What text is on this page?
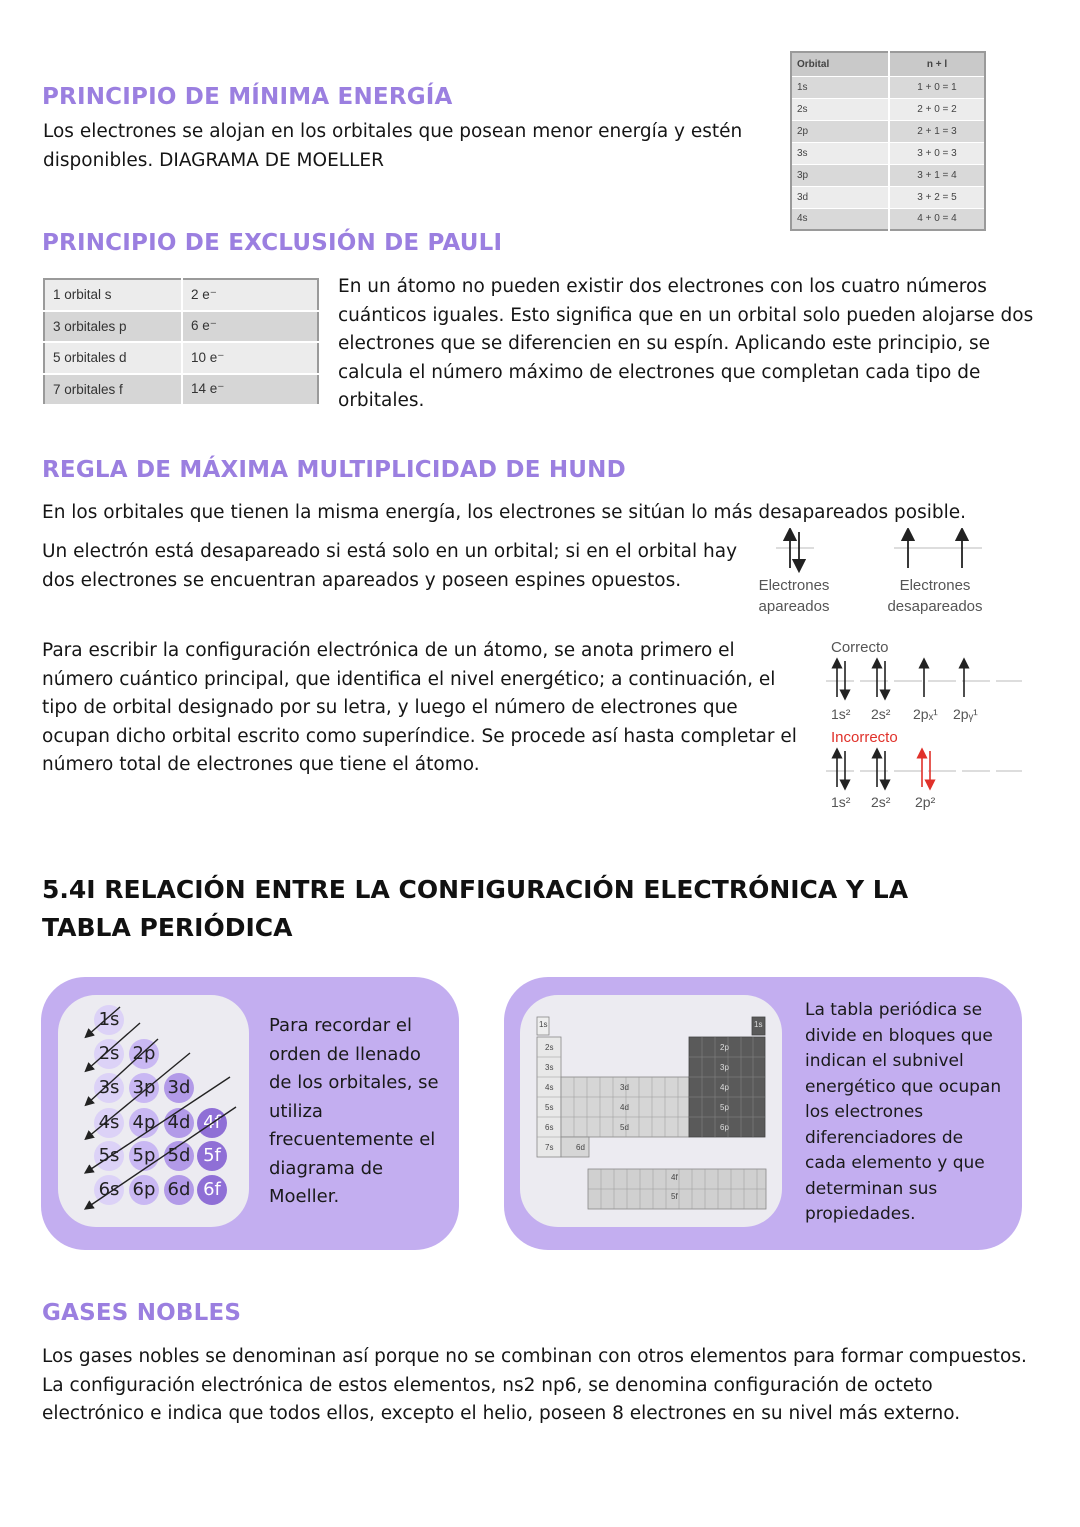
PRINCIPIO DE MÍNIMA ENERGÍA

Los electrones se alojan en los orbitales que posean menor energía y estén disponibles. DIAGRAMA DE MOELLER

Orbital	n + l
1s	1 + 0 = 1
2s	2 + 0 = 2
2p	2 + 1 = 3
3s	3 + 0 = 3
3p	3 + 1 = 4
3d	3 + 2 = 5
4s	4 + 0 = 4
PRINCIPIO DE EXCLUSIÓN DE PAULI
1 orbital s	2 e⁻
3 orbitales p	6 e⁻
5 orbitales d	10 e⁻
7 orbitales f	14 e⁻

En un átomo no pueden existir dos electrones con los cuatro números cuánticos iguales. Esto significa que en un orbital solo pueden alojarse dos electrones que se diferencien en su espín. Aplicando este principio, se calcula el número máximo de electrones que completan cada tipo de orbitales.

REGLA DE MÁXIMA MULTIPLICIDAD DE HUND

En los orbitales que tienen la misma energía, los electrones se sitúan lo más desapareados posible.

Un electrón está desapareado si está solo en un orbital; si en el orbital hay dos electrones se encuentran apareados y poseen espines opuestos.	Electrones apareados
Electrones desapareados

Para escribir la configuración electrónica de un átomo, se anota primero el número cuántico principal, que identifica el nivel energético; a continuación, el tipo de orbital designado por su letra, y luego el número de electrones que ocupan dicho orbital escrito como superíndice. Se procede así hasta completar el número total de electrones que tiene el átomo.

Correcto
1s² 2s² 2pₓ¹ 2pᵧ¹
Incorrecto
1s² 2s² 2p²
5.4I RELACIÓN ENTRE LA CONFIGURACIÓN ELECTRÓNICA Y LA TABLA PERIÓDICA
1s
2s 2p
3s 3p 3d
4s 4p 4d 4f
5s 5p 5d 5f
6s 6p 6d 6f

Para recordar el orden de llenado de los orbitales, se utiliza frecuentemente el diagrama de Moeller.

1s	1s
2s
3s
4s
5s
6s
7s
2p
3p
4p
5p
6p
3d
4d
5d
6d
4f
5f

La tabla periódica se divide en bloques que indican el subnivel energético que ocupan los electrones diferenciadores de cada elemento y que determinan sus propiedades.

GASES NOBLES

Los gases nobles se denominan así porque no se combinan con otros elementos para formar compuestos. La configuración electrónica de estos elementos, ns2 np6, se denomina configuración de octeto electrónico e indica que todos ellos, excepto el helio, poseen 8 electrones en su nivel más externo.
